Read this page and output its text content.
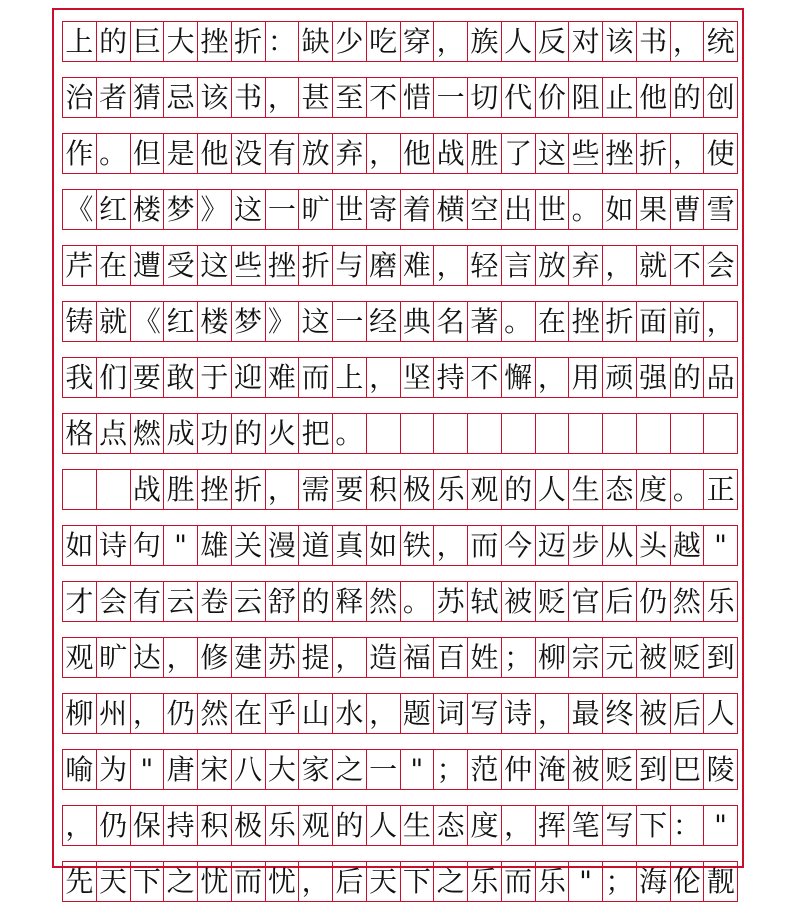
上 的 巨 大 挫 折 ： 缺 少 吃 穿 ， 族 人 反 对 该 书 ， 统
治 者 猜 忌 该 书 ， 甚 至 不 惜 一 切 代 价 阻 止 他 的 创
作 。 但 是 他 没 有 放 弃 ， 他 战 胜 了 这 些 挫 折 ， 使
《 红 楼 梦 》 这 一 旷 世 寄 着 横 空 出 世 。 如 果 曹 雪
芹 在 遭 受 这 些 挫 折 与 磨 难 ， 轻 言 放 弃 ， 就 不 会
铸 就 《 红 楼 梦 》 这 一 经 典 名 著 。 在 挫 折 面 前 ，
我 们 要 敢 于 迎 难 而 上 ， 坚 持 不 懈 ， 用 顽 强 的 品
格 点 燃 成 功 的 火 把 。
战 胜 挫 折 ， 需 要 积 极 乐 观 的 人 生 态 度 。 正
如 诗 句 " 雄 关 漫 道 真 如 铁 ， 而 今 迈 步 从 头 越 "
才 会 有 云 卷 云 舒 的 释 然 。 苏 轼 被 贬 官 后 仍 然 乐
观 旷 达 ， 修 建 苏 提 ， 造 福 百 姓 ； 柳 宗 元 被 贬 到
柳 州 ， 仍 然 在 乎 山 水 ， 题 词 写 诗 ， 最 终 被 后 人
喻 为 " 唐 宋 八 大 家 之 一 " ； 范 仲 淹 被 贬 到 巴 陵
， 仍 保 持 积 极 乐 观 的 人 生 态 度 ， 挥 笔 写 下 ： "
先 天 下 之 忧 而 忧 ， 后 天 下 之 乐 而 乐 " ； 海 伦 靓
